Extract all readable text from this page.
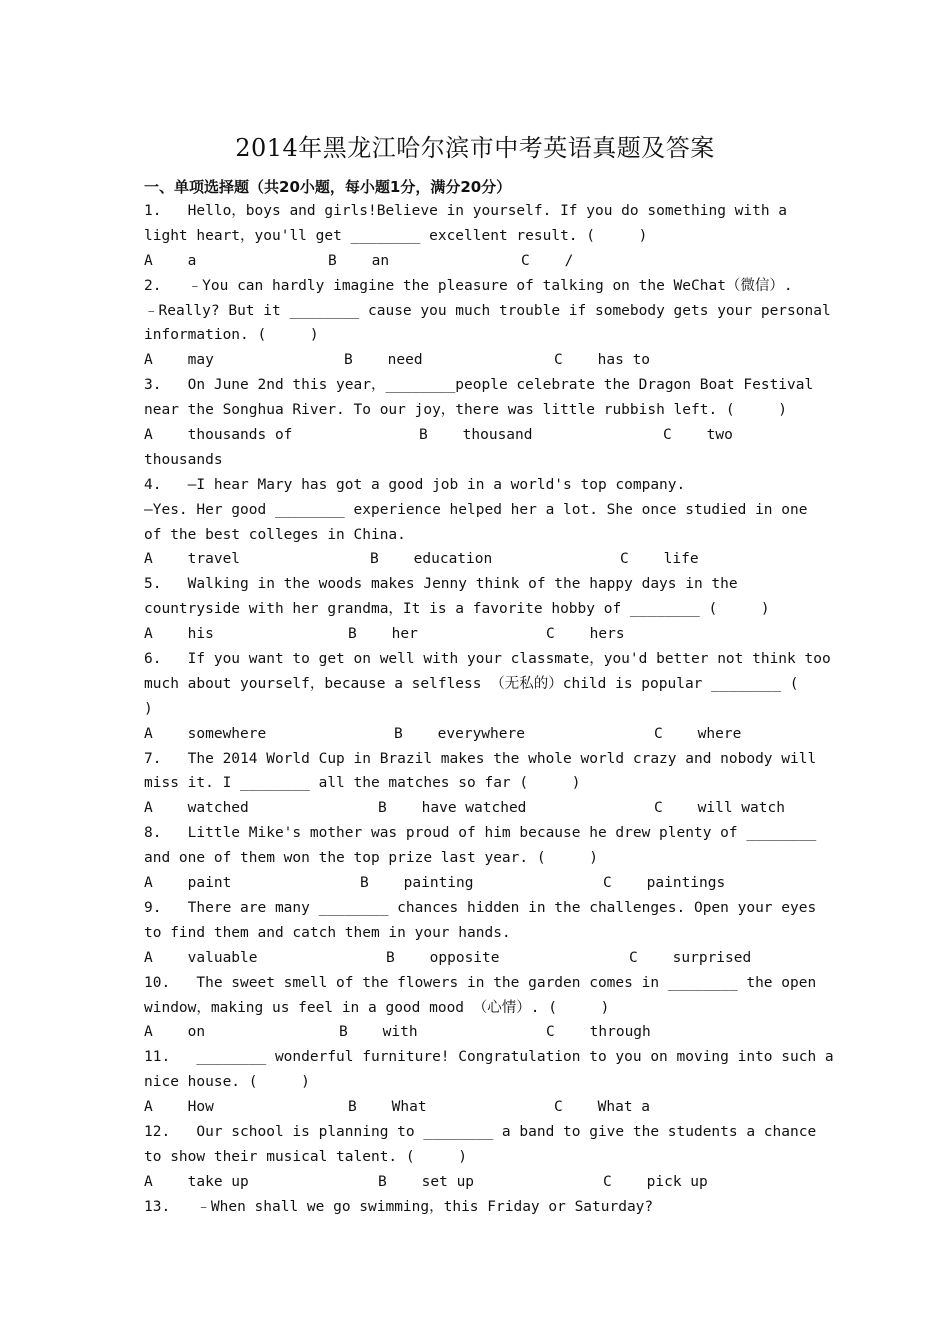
2014年黑龙江哈尔滨市中考英语真题及答案
一、单项选择题（共20小题，每小题1分，满分20分）
1.   Hello，boys and girls!Believe in yourself. If you do something with a
light heart，you'll get ________ excellent result. (     )
A    a	B    an	C    /
2.   ﹣You can hardly imagine the pleasure of talking on the WeChat（微信）.
﹣Really? But it ________ cause you much trouble if somebody gets your personal
information. (     )
A    may	B    need	C    has to
3.   On June 2nd this year，________people celebrate the Dragon Boat Festival
near the Songhua River. To our joy，there was little rubbish left. (     )
A    thousands of	B    thousand	C    two
thousands
4.   —I hear Mary has got a good job in a world's top company.
—Yes. Her good ________ experience helped her a lot. She once studied in one
of the best colleges in China.
A    travel	B    education	C    life
5.   Walking in the woods makes Jenny think of the happy days in the
countryside with her grandma，It is a favorite hobby of ________ (     )
A    his	B    her	C    hers
6.   If you want to get on well with your classmate，you'd better not think too
much about yourself，because a selfless （无私的）child is popular ________ (
)
A    somewhere	B    everywhere	C    where
7.   The 2014 World Cup in Brazil makes the whole world crazy and nobody will
miss it. I ________ all the matches so far (     )
A    watched	B    have watched	C    will watch
8.   Little Mike's mother was proud of him because he drew plenty of ________
and one of them won the top prize last year. (     )
A    paint	B    painting	C    paintings
9.   There are many ________ chances hidden in the challenges. Open your eyes
to find them and catch them in your hands.
A    valuable	B    opposite	C    surprised
10.   The sweet smell of the flowers in the garden comes in ________ the open
window，making us feel in a good mood （心情）. (     )
A    on	B    with	C    through
11.   ________ wonderful furniture! Congratulation to you on moving into such a
nice house. (     )
A    How	B    What	C    What a
12.   Our school is planning to ________ a band to give the students a chance
to show their musical talent. (     )
A    take up	B    set up	C    pick up
13.   ﹣When shall we go swimming，this Friday or Saturday?
